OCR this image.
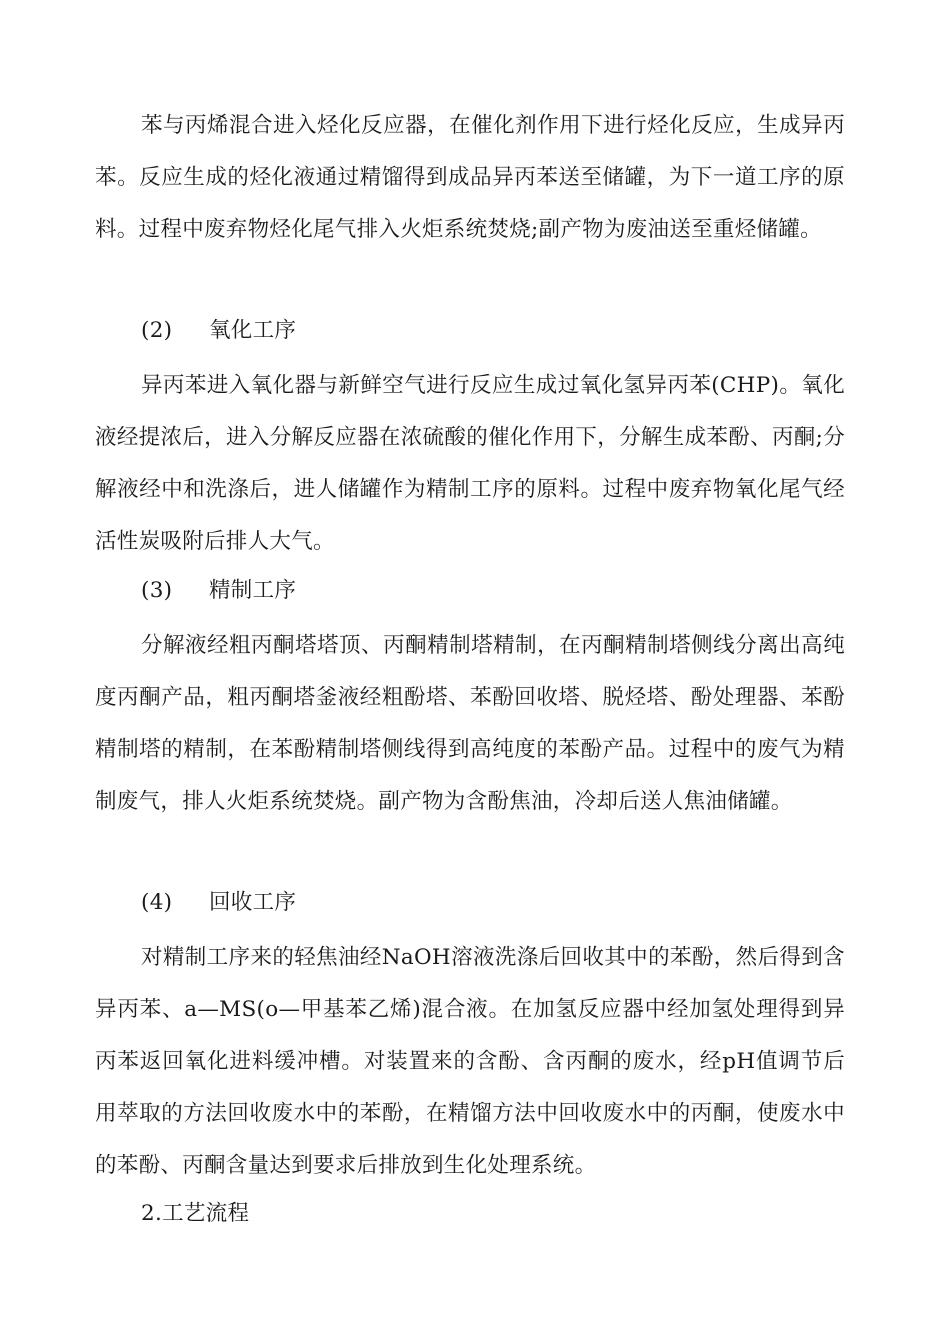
苯与丙烯混合进入烃化反应器，在催化剂作用下进行烃化反应，生成异丙苯。反应生成的烃化液通过精馏得到成品异丙苯送至储罐，为下一道工序的原料。过程中废弃物烃化尾气排入火炬系统焚烧;副产物为废油送至重烃储罐。

(2) 氧化工序

异丙苯进入氧化器与新鲜空气进行反应生成过氧化氢异丙苯(CHP)。氧化液经提浓后，进入分解反应器在浓硫酸的催化作用下，分解生成苯酚、丙酮;分解液经中和洗涤后，进人储罐作为精制工序的原料。过程中废弃物氧化尾气经活性炭吸附后排人大气。

(3) 精制工序

分解液经粗丙酮塔塔顶、丙酮精制塔精制，在丙酮精制塔侧线分离出高纯度丙酮产品，粗丙酮塔釜液经粗酚塔、苯酚回收塔、脱烃塔、酚处理器、苯酚精制塔的精制，在苯酚精制塔侧线得到高纯度的苯酚产品。过程中的废气为精制废气，排人火炬系统焚烧。副产物为含酚焦油，冷却后送人焦油储罐。

(4) 回收工序

对精制工序来的轻焦油经NaOH溶液洗涤后回收其中的苯酚，然后得到含异丙苯、a—MS(o—甲基苯乙烯)混合液。在加氢反应器中经加氢处理得到异丙苯返回氧化进料缓冲槽。对装置来的含酚、含丙酮的废水，经pH值调节后用萃取的方法回收废水中的苯酚，在精馏方法中回收废水中的丙酮，使废水中的苯酚、丙酮含量达到要求后排放到生化处理系统。

2.工艺流程
